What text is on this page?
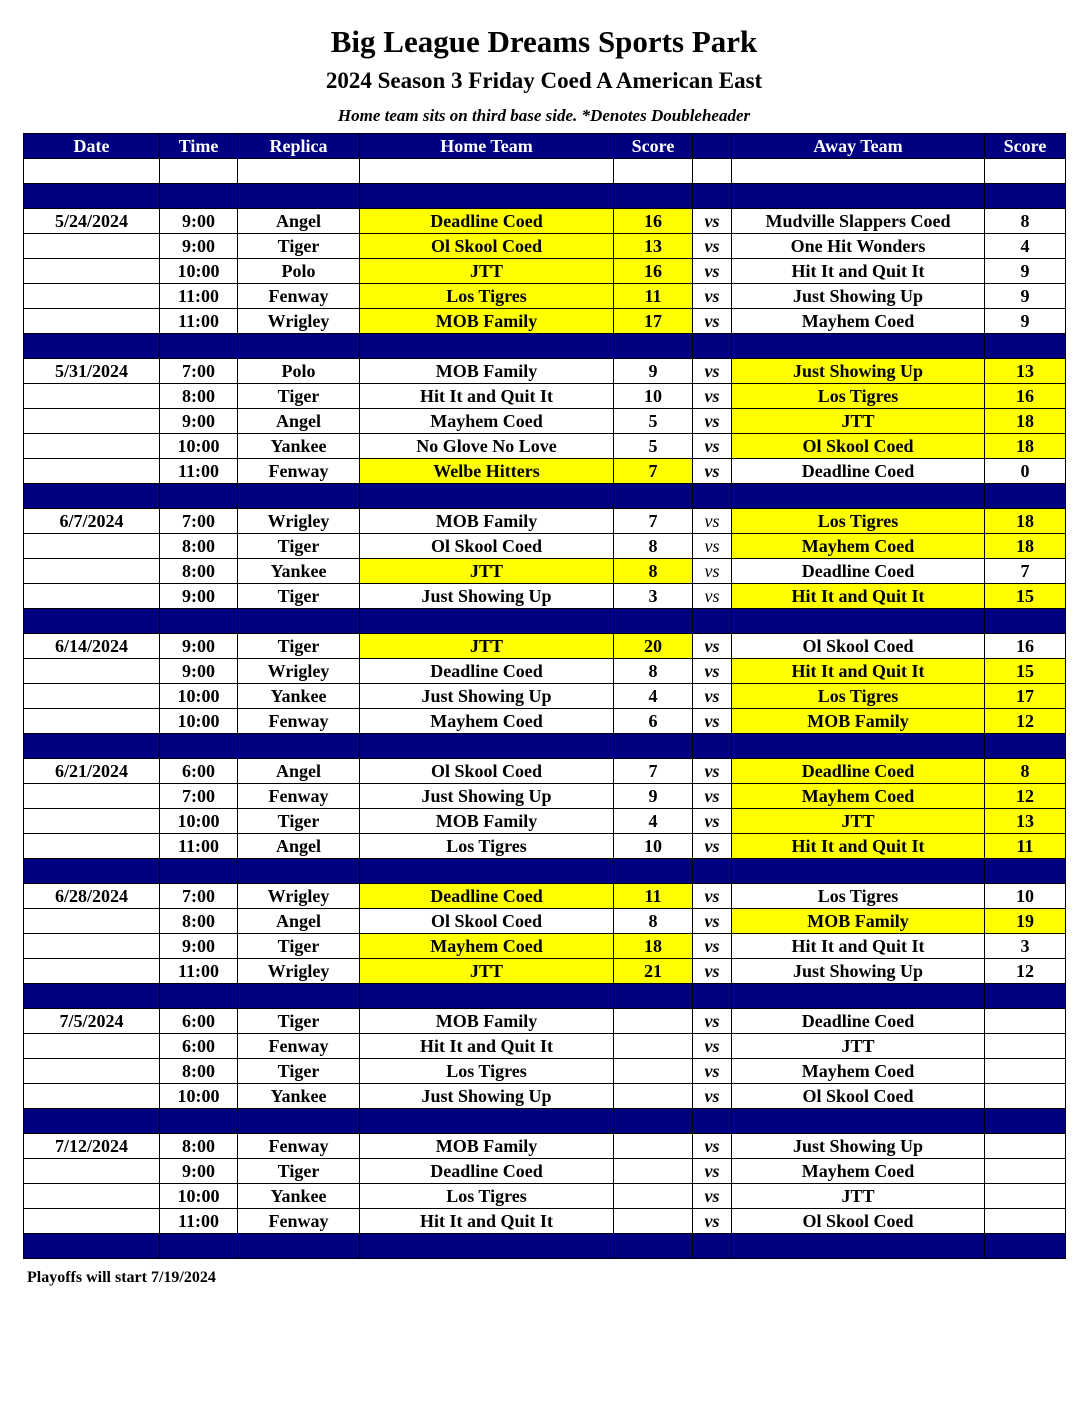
Big League Dreams Sports Park
2024 Season 3 Friday Coed A American East
Home team sits on third base side. *Denotes Doubleheader
Date	Time	Replica	Home Team	Score		Away Team	Score

5/24/2024	9:00	Angel	Deadline Coed	16	vs	Mudville Slappers Coed	8
	9:00	Tiger	Ol Skool Coed	13	vs	One Hit Wonders	4
	10:00	Polo	JTT	16	vs	Hit It and Quit It	9
	11:00	Fenway	Los Tigres	11	vs	Just Showing Up	9
	11:00	Wrigley	MOB Family	17	vs	Mayhem Coed	9

5/31/2024	7:00	Polo	MOB Family	9	vs	Just Showing Up	13
	8:00	Tiger	Hit It and Quit It	10	vs	Los Tigres	16
	9:00	Angel	Mayhem Coed	5	vs	JTT	18
	10:00	Yankee	No Glove No Love	5	vs	Ol Skool Coed	18
	11:00	Fenway	Welbe Hitters	7	vs	Deadline Coed	0

6/7/2024	7:00	Wrigley	MOB Family	7	vs	Los Tigres	18
	8:00	Tiger	Ol Skool Coed	8	vs	Mayhem Coed	18
	8:00	Yankee	JTT	8	vs	Deadline Coed	7
	9:00	Tiger	Just Showing Up	3	vs	Hit It and Quit It	15

6/14/2024	9:00	Tiger	JTT	20	vs	Ol Skool Coed	16
	9:00	Wrigley	Deadline Coed	8	vs	Hit It and Quit It	15
	10:00	Yankee	Just Showing Up	4	vs	Los Tigres	17
	10:00	Fenway	Mayhem Coed	6	vs	MOB Family	12

6/21/2024	6:00	Angel	Ol Skool Coed	7	vs	Deadline Coed	8
	7:00	Fenway	Just Showing Up	9	vs	Mayhem Coed	12
	10:00	Tiger	MOB Family	4	vs	JTT	13
	11:00	Angel	Los Tigres	10	vs	Hit It and Quit It	11

6/28/2024	7:00	Wrigley	Deadline Coed	11	vs	Los Tigres	10
	8:00	Angel	Ol Skool Coed	8	vs	MOB Family	19
	9:00	Tiger	Mayhem Coed	18	vs	Hit It and Quit It	3
	11:00	Wrigley	JTT	21	vs	Just Showing Up	12

7/5/2024	6:00	Tiger	MOB Family		vs	Deadline Coed	
	6:00	Fenway	Hit It and Quit It		vs	JTT	
	8:00	Tiger	Los Tigres		vs	Mayhem Coed	
	10:00	Yankee	Just Showing Up		vs	Ol Skool Coed	

7/12/2024	8:00	Fenway	MOB Family		vs	Just Showing Up	
	9:00	Tiger	Deadline Coed		vs	Mayhem Coed	
	10:00	Yankee	Los Tigres		vs	JTT	
	11:00	Fenway	Hit It and Quit It		vs	Ol Skool Coed	

Playoffs will start 7/19/2024
